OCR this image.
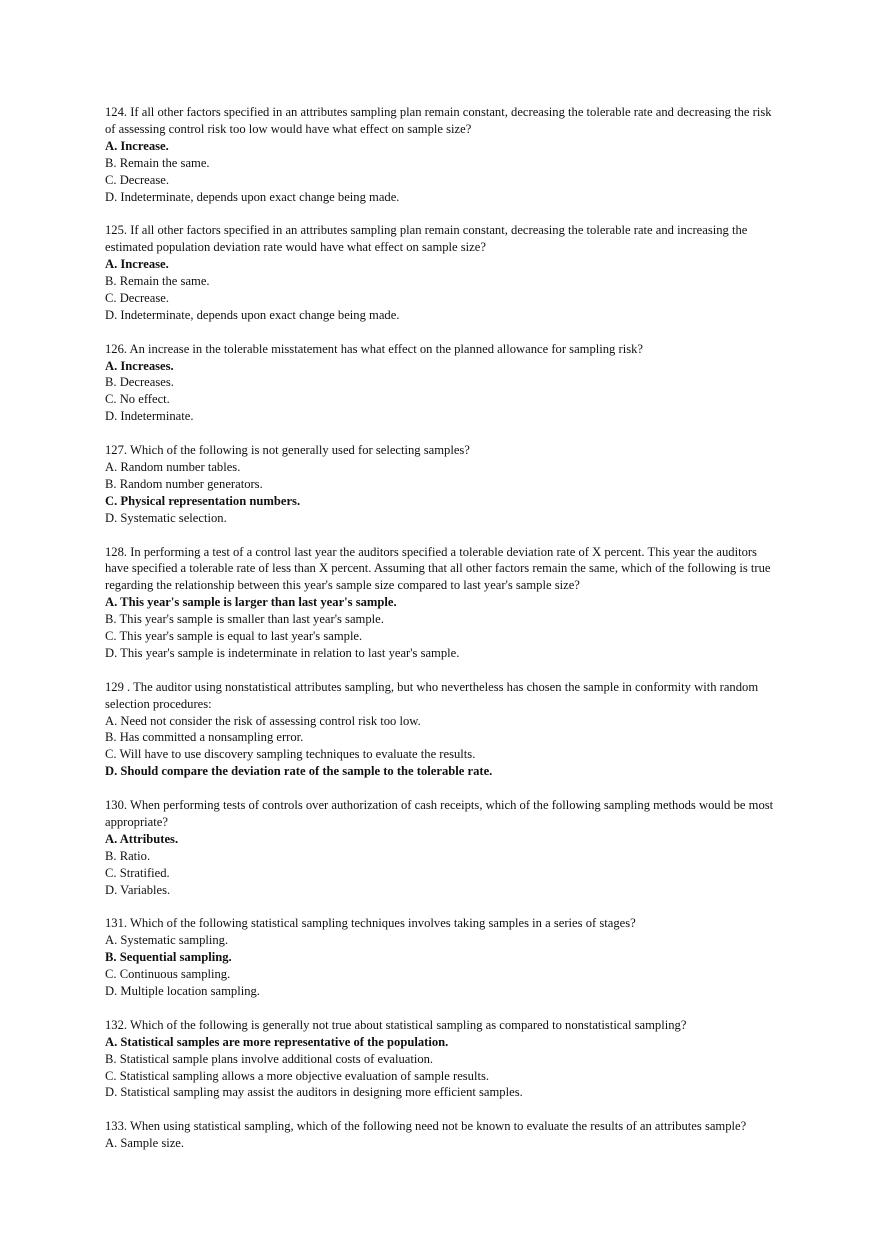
124. If all other factors specified in an attributes sampling plan remain constant, decreasing the tolerable rate and decreasing the risk of assessing control risk too low would have what effect on sample size?

A. Increase.

B. Remain the same.

C. Decrease.

D. Indeterminate, depends upon exact change being made.

125. If all other factors specified in an attributes sampling plan remain constant, decreasing the tolerable rate and increasing the estimated population deviation rate would have what effect on sample size?

A. Increase.

B. Remain the same.

C. Decrease.

D. Indeterminate, depends upon exact change being made.

126. An increase in the tolerable misstatement has what effect on the planned allowance for sampling risk?

A. Increases.

B. Decreases.

C. No effect.

D. Indeterminate.

127. Which of the following is not generally used for selecting samples?

A. Random number tables.

B. Random number generators.

C. Physical representation numbers.

D. Systematic selection.

128. In performing a test of a control last year the auditors specified a tolerable deviation rate of X percent. This year the auditors have specified a tolerable rate of less than X percent. Assuming that all other factors remain the same, which of the following is true regarding the relationship between this year's sample size compared to last year's sample size?

A. This year's sample is larger than last year's sample.

B. This year's sample is smaller than last year's sample.

C. This year's sample is equal to last year's sample.

D. This year's sample is indeterminate in relation to last year's sample.

129 . The auditor using nonstatistical attributes sampling, but who nevertheless has chosen the sample in conformity with random selection procedures:

A. Need not consider the risk of assessing control risk too low.

B. Has committed a nonsampling error.

C. Will have to use discovery sampling techniques to evaluate the results.

D. Should compare the deviation rate of the sample to the tolerable rate.

130. When performing tests of controls over authorization of cash receipts, which of the following sampling methods would be most appropriate?

A. Attributes.

B. Ratio.

C. Stratified.

D. Variables.

131. Which of the following statistical sampling techniques involves taking samples in a series of stages?

A. Systematic sampling.

B. Sequential sampling.

C. Continuous sampling.

D. Multiple location sampling.

132. Which of the following is generally not true about statistical sampling as compared to nonstatistical sampling?

A. Statistical samples are more representative of the population.

B. Statistical sample plans involve additional costs of evaluation.

C. Statistical sampling allows a more objective evaluation of sample results.

D. Statistical sampling may assist the auditors in designing more efficient samples.

133. When using statistical sampling, which of the following need not be known to evaluate the results of an attributes sample?

A. Sample size.
